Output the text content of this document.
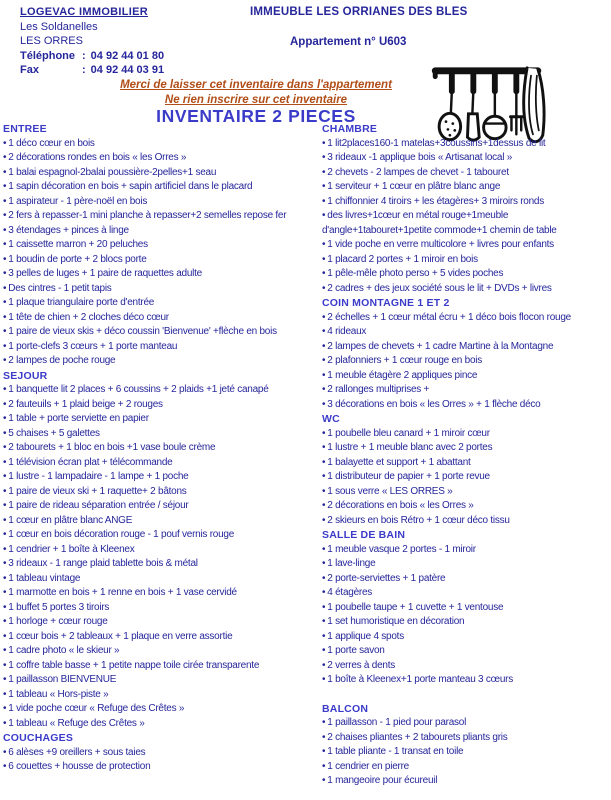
LOGEVAC IMMOBILIER
Les Soldanelles
LES ORRES
Téléphone : 04 92 44 01 80
Fax	: 04 92 44 03 91
IMMEUBLE LES ORRIANES DES BLES
Appartement n° U603
Merci de laisser cet inventaire dans l'appartement
Ne rien inscrire sur cet inventaire
INVENTAIRE 2 PIECES
ENTREE
• 1 déco cœur en bois
• 2 décorations rondes en bois « les Orres »
• 1 balai espagnol-2balai poussière-2pelles+1 seau
• 1 sapin décoration en bois + sapin artificiel dans le placard
• 1 aspirateur - 1 père-noël en bois
• 2 fers à repasser-1 mini planche à repasser+2 semelles repose fer
• 3 étendages + pinces à linge
• 1 caissette marron + 20 peluches
• 1 boudin de porte + 2 blocs porte
• 3 pelles de luges + 1 paire de raquettes adulte
• Des cintres - 1 petit tapis
• 1 plaque triangulaire porte d'entrée
• 1 tête de chien + 2 cloches déco cœur
• 1 paire de vieux skis + déco coussin 'Bienvenue' +flèche en bois
• 1 porte-clefs 3 cœurs + 1 porte manteau
• 2 lampes de poche rouge
SEJOUR
• 1 banquette lit 2 places + 6 coussins + 2 plaids +1 jeté canapé
• 2 fauteuils + 1 plaid beige + 2 rouges
• 1 table + porte serviette en papier
• 5 chaises + 5 galettes
• 2 tabourets + 1 bloc en bois +1 vase boule crème
• 1 télévision écran plat + télécommande
• 1 lustre - 1 lampadaire - 1 lampe + 1 poche
• 1 paire de vieux ski + 1 raquette+ 2 bâtons
• 1 paire de rideau séparation entrée / séjour
• 1 cœur en plâtre blanc ANGE
• 1 cœur en bois décoration rouge - 1 pouf vernis rouge
• 1 cendrier + 1 boîte à Kleenex
• 3 rideaux - 1 range plaid tablette bois & métal
• 1 tableau vintage
• 1 marmotte en bois + 1 renne en bois + 1 vase cervidé
• 1 buffet 5 portes 3 tiroirs
• 1 horloge + cœur rouge
• 1 cœur bois + 2 tableaux + 1 plaque en verre assortie
• 1 cadre photo « le skieur »
• 1 coffre table basse + 1 petite nappe toile cirée transparente
• 1 paillasson BIENVENUE
• 1 tableau « Hors-piste »
• 1 vide poche cœur « Refuge des Crêtes »
• 1 tableau « Refuge des Crêtes »
COUCHAGES
• 6 alèses +9 oreillers + sous taies
• 6 couettes + housse de protection
CHAMBRE
• 1 lit2places160-1 matelas+3coussins+1dessus de lit
• 3 rideaux -1 applique bois « Artisanat local »
• 2 chevets - 2 lampes de chevet - 1 tabouret
• 1 serviteur + 1 cœur en plâtre blanc ange
• 1 chiffonnier 4 tiroirs + les étagères+ 3 miroirs ronds
• des livres+1cœur en métal rouge+1meuble d'angle+1tabouret+1petite commode+1 chemin de table
• 1 vide poche en verre multicolore + livres pour enfants
• 1 placard 2 portes + 1 miroir en bois
• 1 pêle-mêle photo perso + 5 vides poches
• 2 cadres + des jeux société sous le lit + DVDs + livres
COIN MONTAGNE 1 ET 2
• 2 échelles + 1 cœur métal écru + 1 déco bois flocon rouge
• 4 rideaux
• 2 lampes de chevets + 1 cadre Martine à la Montagne
• 2 plafonniers + 1 cœur rouge en bois
• 1 meuble étagère 2 appliques pince
• 2 rallonges multiprises +
• 3 décorations en bois « les Orres » + 1 flèche déco
WC
• 1 poubelle bleu canard + 1 miroir cœur
• 1 lustre + 1 meuble blanc avec 2 portes
• 1 balayette et support + 1 abattant
• 1 distributeur de papier + 1 porte revue
• 1 sous verre « LES ORRES »
• 2 décorations en bois « les Orres »
• 2 skieurs en bois Rétro + 1 cœur déco tissu
SALLE DE BAIN
• 1 meuble vasque 2 portes - 1 miroir
• 1 lave-linge
• 2 porte-serviettes + 1 patère
• 4 étagères
• 1 poubelle taupe + 1 cuvette + 1 ventouse
• 1 set humoristique en décoration
• 1 applique 4 spots
• 1 porte savon
• 2 verres à dents
• 1 boîte à Kleenex+1 porte manteau 3 cœurs
BALCON
• 1 paillasson - 1 pied pour parasol
• 2 chaises pliantes + 2 tabourets pliants gris
• 1 table pliante - 1 transat en toile
• 1 cendrier en pierre
• 1 mangeoire pour écureuil
